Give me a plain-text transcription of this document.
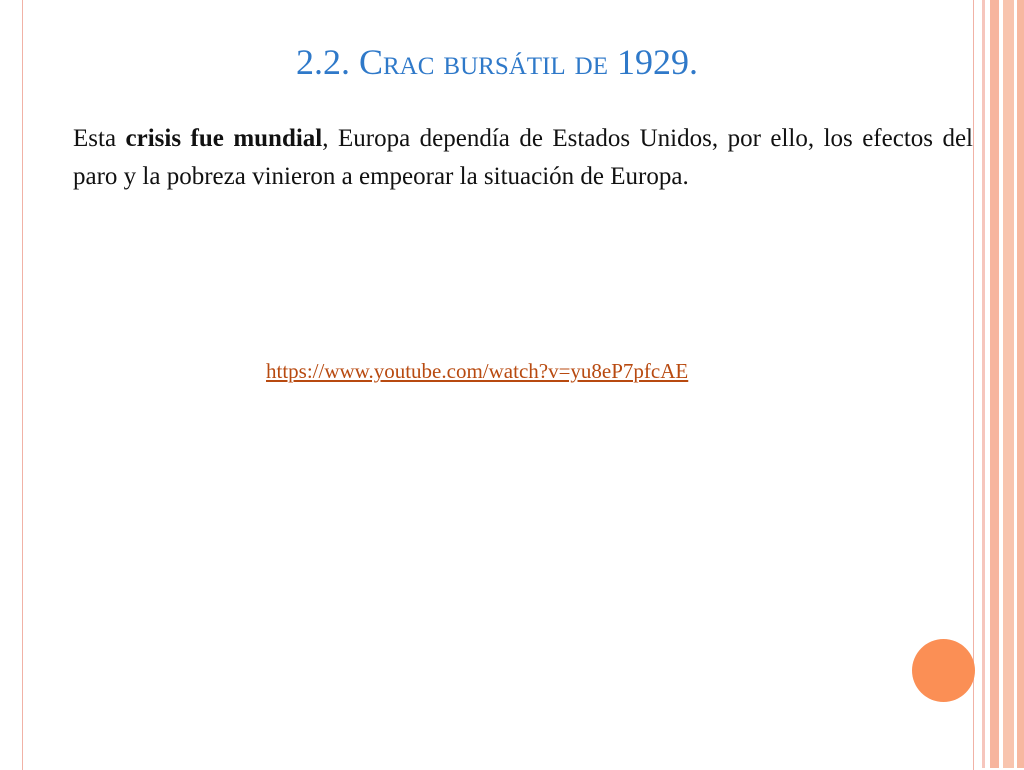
2.2. Crac bursátil de 1929.

Esta crisis fue mundial, Europa dependía de Estados Unidos, por ello, los efectos del paro y la pobreza vinieron a empeorar la situación de Europa.

https://www.youtube.com/watch?v=yu8eP7pfcAE
